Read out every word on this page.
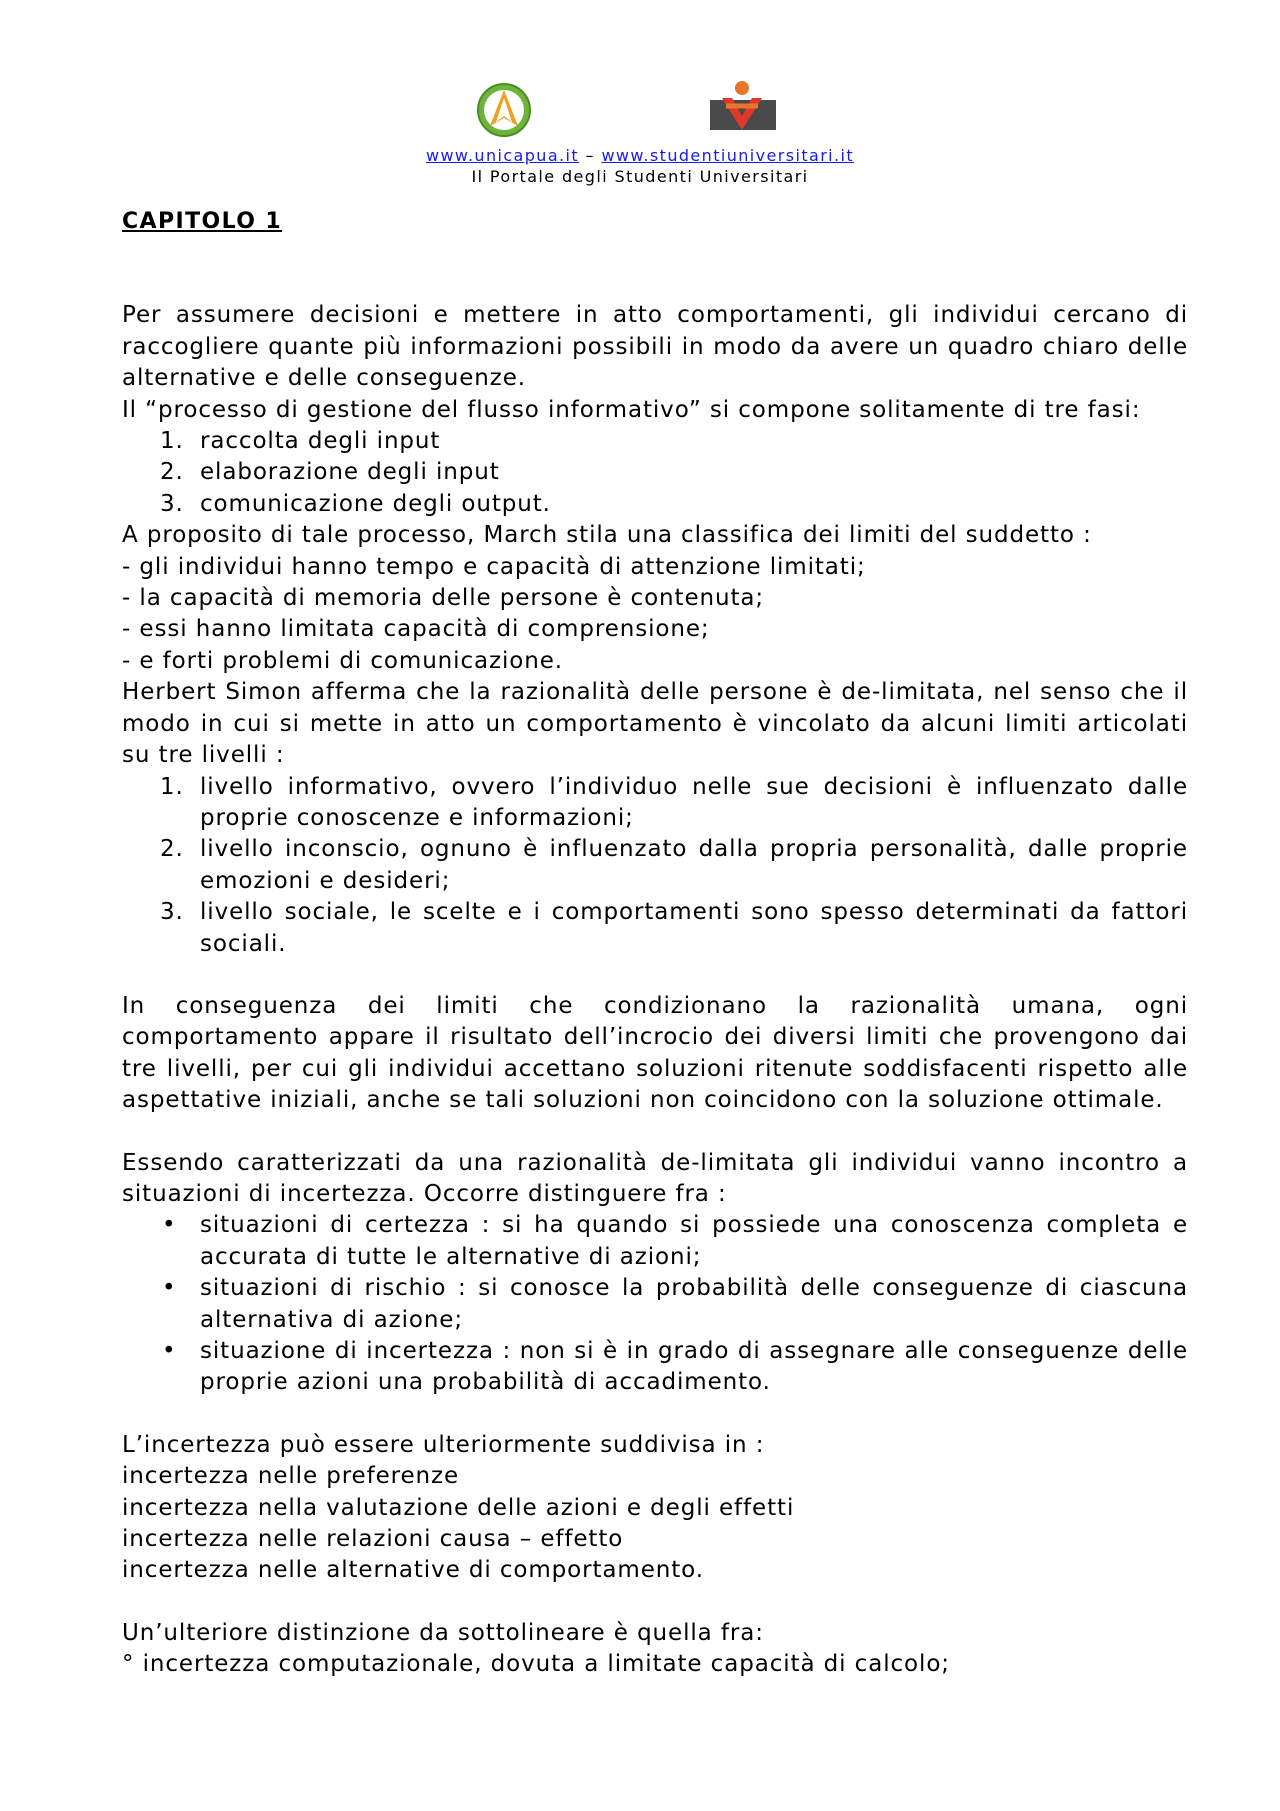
www.unicapua.it – www.studentiuniversitari.it
Il Portale degli Studenti Universitari
CAPITOLO 1

Per assumere decisioni e mettere in atto comportamenti, gli individui cercano di raccogliere quante più informazioni possibili in modo da avere un quadro chiaro delle alternative e delle conseguenze.

Il “processo di gestione del flusso informativo” si compone solitamente di tre fasi:

1. raccolta degli input
2. elaborazione degli input
3. comunicazione degli output.

A proposito di tale processo, March stila una classifica dei limiti del suddetto :

- gli individui hanno tempo e capacità di attenzione limitati;
- la capacità di memoria delle persone è contenuta;
- essi hanno limitata capacità di comprensione;
- e forti problemi di comunicazione.

Herbert Simon afferma che la razionalità delle persone è de-limitata, nel senso che il modo in cui si mette in atto un comportamento è vincolato da alcuni limiti articolati su tre livelli :

1. livello informativo, ovvero l’individuo nelle sue decisioni è influenzato dalle proprie conoscenze e informazioni;
2. livello inconscio, ognuno è influenzato dalla propria personalità, dalle proprie emozioni e desideri;
3. livello sociale, le scelte e i comportamenti sono spesso determinati da fattori sociali.

In conseguenza dei limiti che condizionano la razionalità umana, ogni comportamento appare il risultato dell’incrocio dei diversi limiti che provengono dai tre livelli, per cui gli individui accettano soluzioni ritenute soddisfacenti rispetto alle aspettative iniziali, anche se tali soluzioni non coincidono con la soluzione ottimale.

Essendo caratterizzati da una razionalità de-limitata gli individui vanno incontro a situazioni di incertezza. Occorre distinguere fra :

• situazioni di certezza : si ha quando si possiede una conoscenza completa e accurata di tutte le alternative di azioni;
• situazioni di rischio : si conosce la probabilità delle conseguenze di ciascuna alternativa di azione;
• situazione di incertezza : non si è in grado di assegnare alle conseguenze delle proprie azioni una probabilità di accadimento.

L’incertezza può essere ulteriormente suddivisa in :

incertezza nelle preferenze
incertezza nella valutazione delle azioni e degli effetti
incertezza nelle relazioni causa – effetto
incertezza nelle alternative di comportamento.

Un’ulteriore distinzione da sottolineare è quella fra:

° incertezza computazionale, dovuta a limitate capacità di calcolo;
